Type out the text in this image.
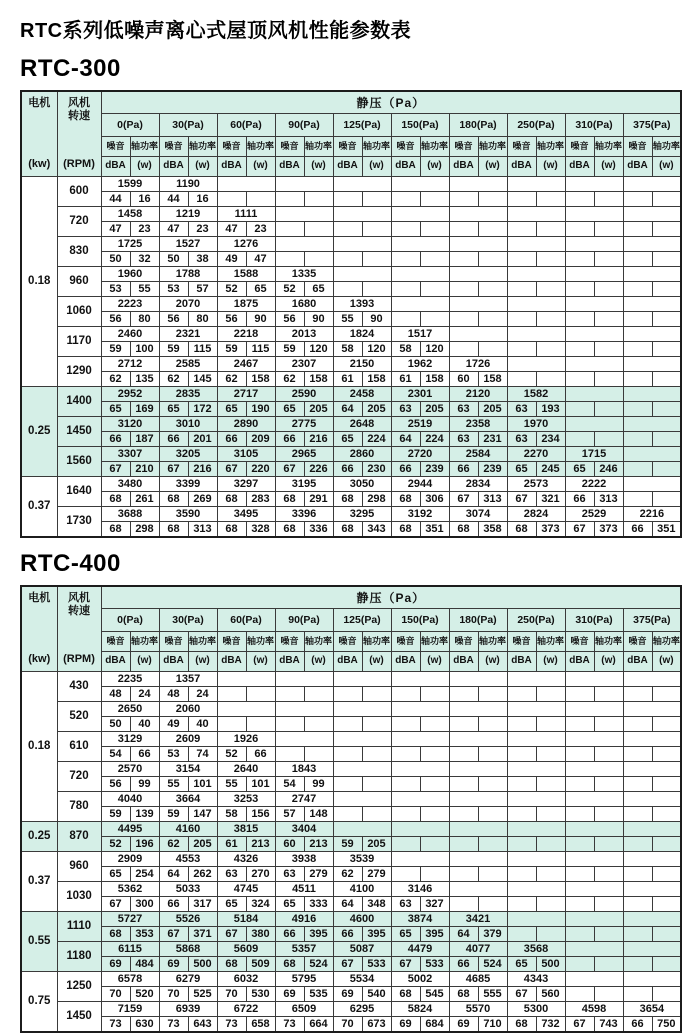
RTC系列低噪声离心式屋顶风机性能参数表
RTC-300
电机
(kw)	风机
转速
(RPM)	静压（Pa）																			
		0(Pa)		30(Pa)		60(Pa)		90(Pa)		125(Pa)		150(Pa)		180(Pa)		250(Pa)		310(Pa)		375(Pa)	
		噪音	轴功率	噪音	轴功率	噪音	轴功率	噪音	轴功率	噪音	轴功率	噪音	轴功率	噪音	轴功率	噪音	轴功率	噪音	轴功率	噪音	轴功率
		dBA	(w)	dBA	(w)	dBA	(w)	dBA	(w)	dBA	(w)	dBA	(w)	dBA	(w)	dBA	(w)	dBA	(w)	dBA	(w)
0.18	600	1599		1190																	
		44	16	44	16																
	720	1458		1219		1111															
		47	23	47	23	47	23														
	830	1725		1527		1276															
		50	32	50	38	49	47														
	960	1960		1788		1588		1335													
		53	55	53	57	52	65	52	65												
	1060	2223		2070		1875		1680		1393											
		56	80	56	80	56	90	56	90	55	90										
	1170	2460		2321		2218		2013		1824		1517									
		59	100	59	115	59	115	59	120	58	120	58	120								
	1290	2712		2585		2467		2307		2150		1962		1726							
		62	135	62	145	62	158	62	158	61	158	61	158	60	158						
0.25	1400	2952		2835		2717		2590		2458		2301		2120		1582					
		65	169	65	172	65	190	65	205	64	205	63	205	63	205	63	193				
	1450	3120		3010		2890		2775		2648		2519		2358		1970					
		66	187	66	201	66	209	66	216	65	224	64	224	63	231	63	234				
	1560	3307		3205		3105		2965		2860		2720		2584		2270		1715			
		67	210	67	216	67	220	67	226	66	230	66	239	66	239	65	245	65	246		
0.37	1640	3480		3399		3297		3195		3050		2944		2834		2573		2222			
		68	261	68	269	68	283	68	291	68	298	68	306	67	313	67	321	66	313		
	1730	3688		3590		3495		3396		3295		3192		3074		2824		2529		2216	
		68	298	68	313	68	328	68	336	68	343	68	351	68	358	68	373	67	373	66	351
RTC-400
电机
(kw)	风机
转速
(RPM)	静压（Pa）																			
		0(Pa)		30(Pa)		60(Pa)		90(Pa)		125(Pa)		150(Pa)		180(Pa)		250(Pa)		310(Pa)		375(Pa)	
		噪音	轴功率	噪音	轴功率	噪音	轴功率	噪音	轴功率	噪音	轴功率	噪音	轴功率	噪音	轴功率	噪音	轴功率	噪音	轴功率	噪音	轴功率
		dBA	(w)	dBA	(w)	dBA	(w)	dBA	(w)	dBA	(w)	dBA	(w)	dBA	(w)	dBA	(w)	dBA	(w)	dBA	(w)
0.18	430	2235		1357																	
		48	24	48	24																
	520	2650		2060																	
		50	40	49	40																
	610	3129		2609		1926															
		54	66	53	74	52	66														
	720	2570		3154		2640		1843													
		56	99	55	101	55	101	54	99												
	780	4040		3664		3253		2747													
		59	139	59	147	58	156	57	148												
0.25	870	4495		4160		3815		3404													
		52	196	62	205	61	213	60	213	59	205										
0.37	960	2909		4553		4326		3938		3539											
		65	254	64	262	63	270	63	279	62	279										
	1030	5362		5033		4745		4511		4100		3146									
		67	300	66	317	65	324	65	333	64	348	63	327								
0.55	1110	5727		5526		5184		4916		4600		3874		3421							
		68	353	67	371	67	380	66	395	66	395	65	395	64	379						
	1180	6115		5868		5609		5357		5087		4479		4077		3568					
		69	484	69	500	68	509	68	524	67	533	67	533	66	524	65	500				
0.75	1250	6578		6279		6032		5795		5534		5002		4685		4343					
		70	520	70	525	70	530	69	535	69	540	68	545	68	555	67	560				
	1450	7159		6939		6722		6509		6295		5824		5570		5300		4598		3654	
		73	630	73	643	73	658	73	664	70	673	69	684	69	710	68	732	67	743	66	750
